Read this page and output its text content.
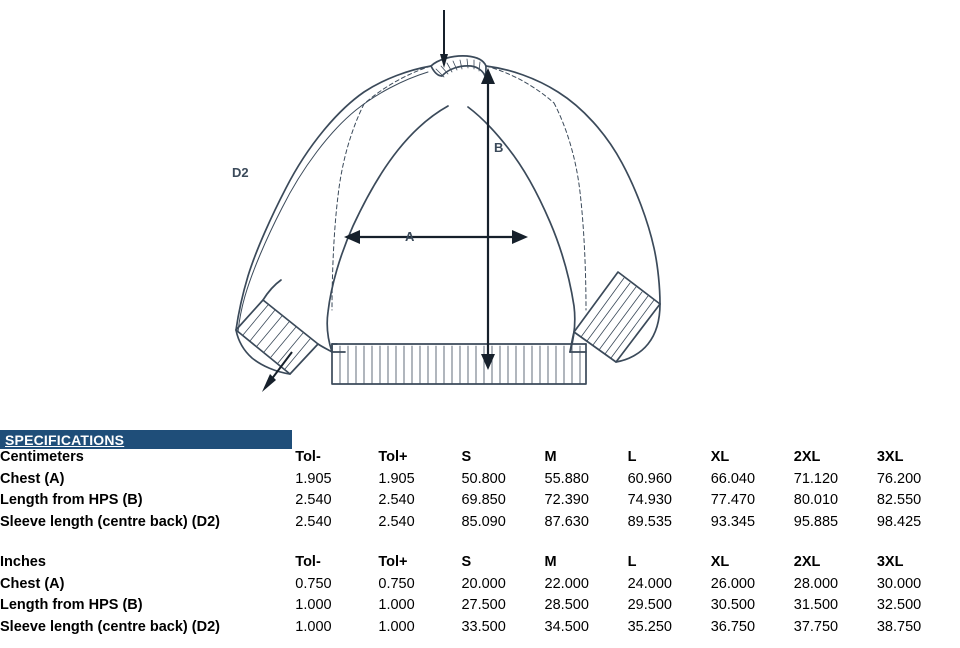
D2
A
B
SPECIFICATIONS
Centimeters	Tol-	Tol+	S	M	L	XL	2XL	3XL
Chest (A)	1.905	1.905	50.800	55.880	60.960	66.040	71.120	76.200
Length from HPS (B)	2.540	2.540	69.850	72.390	74.930	77.470	80.010	82.550
Sleeve length (centre back) (D2)	2.540	2.540	85.090	87.630	89.535	93.345	95.885	98.425

Inches	Tol-	Tol+	S	M	L	XL	2XL	3XL
Chest (A)	0.750	0.750	20.000	22.000	24.000	26.000	28.000	30.000
Length from HPS (B)	1.000	1.000	27.500	28.500	29.500	30.500	31.500	32.500
Sleeve length (centre back) (D2)	1.000	1.000	33.500	34.500	35.250	36.750	37.750	38.750
